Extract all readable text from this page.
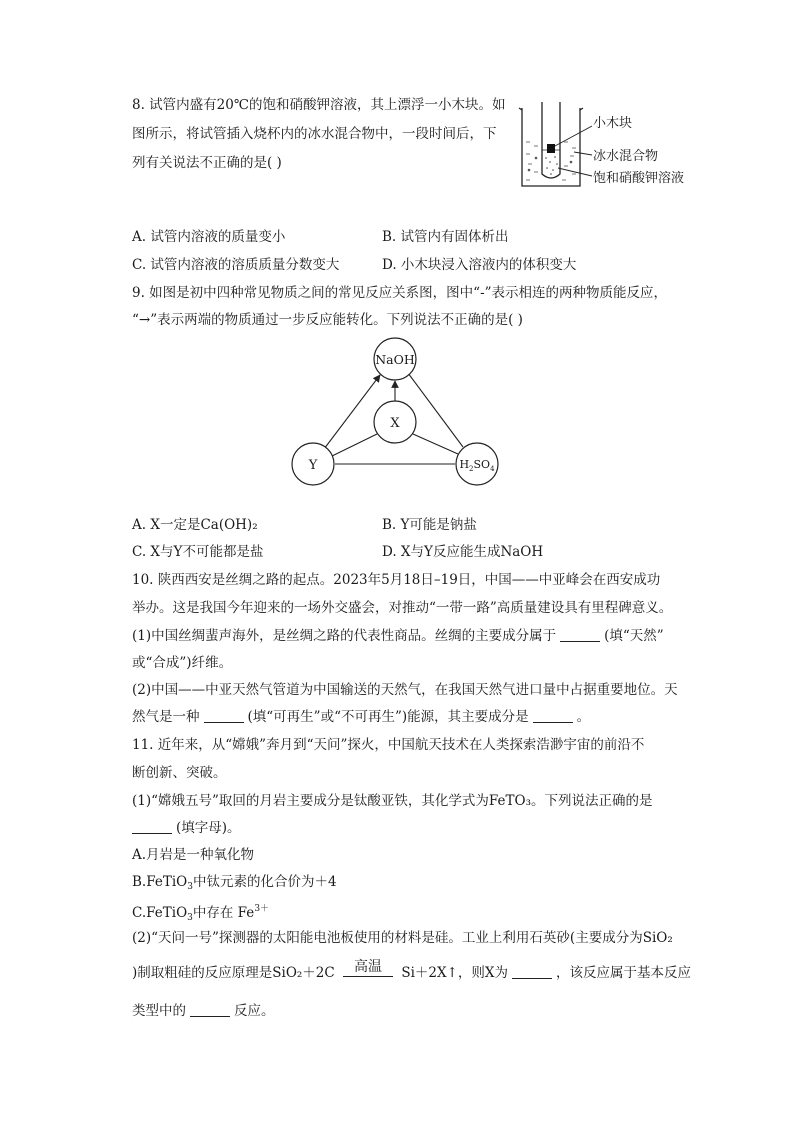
8. 试管内盛有20℃的饱和硝酸钾溶液，其上漂浮一小木块。如
图所示，将试管插入烧杯内的冰水混合物中，一段时间后，下
列有关说法不正确的是( )
小木块
冰水混合物
饱和硝酸钾溶液
A. 试管内溶液的质量变小	B. 试管内有固体析出
C. 试管内溶液的溶质质量分数变大	D. 小木块浸入溶液内的体积变大
9. 如图是初中四种常见物质之间的常见反应关系图，图中“-”表示相连的两种物质能反应，
“→”表示两端的物质通过一步反应能转化。下列说法不正确的是( )
NaOH
X
Y	$H_2SO_4$
A. X一定是Ca(OH)₂	B. Y可能是钠盐
C. X与Y不可能都是盐	D. X与Y反应能生成NaOH
10. 陕西西安是丝绸之路的起点。2023年5月18日–19日，中国——中亚峰会在西安成功
举办。这是我国今年迎来的一场外交盛会，对推动“一带一路”高质量建设具有里程碑意义。
(1)中国丝绸蜚声海外，是丝绸之路的代表性商品。丝绸的主要成分属于	(填“天然”
或“合成”)纤维。
(2)中国——中亚天然气管道为中国输送的天然气，在我国天然气进口量中占据重要地位。天
然气是一种	(填“可再生”或“不可再生”)能源，其主要成分是	。
11. 近年来，从“嫦娥”奔月到“天问”探火，中国航天技术在人类探索浩渺宇宙的前沿不
断创新、突破。
(1)“嫦娥五号”取回的月岩主要成分是钛酸亚铁，其化学式为FeTO₃。下列说法正确的是
(填字母)。
A.月岩是一种氧化物
B.FeTiO$_3$中钛元素的化合价为＋4
C.FeTiO$_3$中存在 $Fe^{3+}$
(2)“天问一号”探测器的太阳能电池板使用的材料是硅。工业上利用石英砂(主要成分为SiO₂
)制取粗硅的反应原理是SiO₂＋2C	高温	Si＋2X↑，则X为	，该反应属于基本反应
类型中的	反应。
